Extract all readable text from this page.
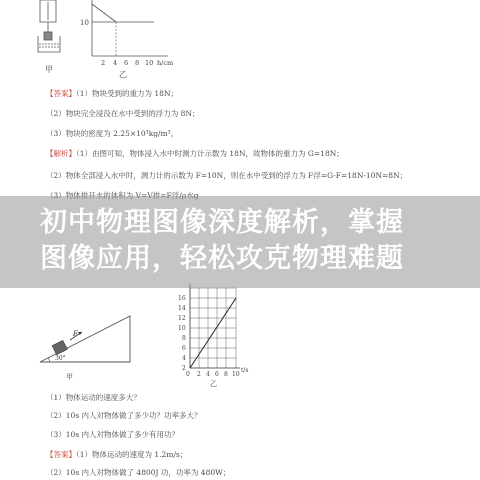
甲
10
2 4 6 8 10 h/cm
乙
【答案】（1）物块受到的重力为 18N；
（2）物块完全浸没在水中受到的浮力为 8N；
（3）物块的密度为 2.25×10³kg/m³。
【解析】（1）由图可知，物体浸入水中时测力计示数为 18N，故物体的重力为 G=18N；
（2）物体全部浸入水中时，测力计的示数为 F=10N，则在水中受到的浮力为 F浮=G-F=18N-10N=8N；
F
30°
甲
16
14
12
10
8
6
4
2
0 2 4 6 8 10
t/s
乙
（1）物体运动的速度多大？
（2）10s 内人对物体做了多少功？功率多大？
（3）10s 内人对物体做了多少有用功？
【答案】（1）物体运动的速度为 1.2m/s；
（2）10s 内人对物体做了 4800J 功，功率为 480W；
初中物理图像深度解析，掌握
图像应用，轻松攻克物理难题
